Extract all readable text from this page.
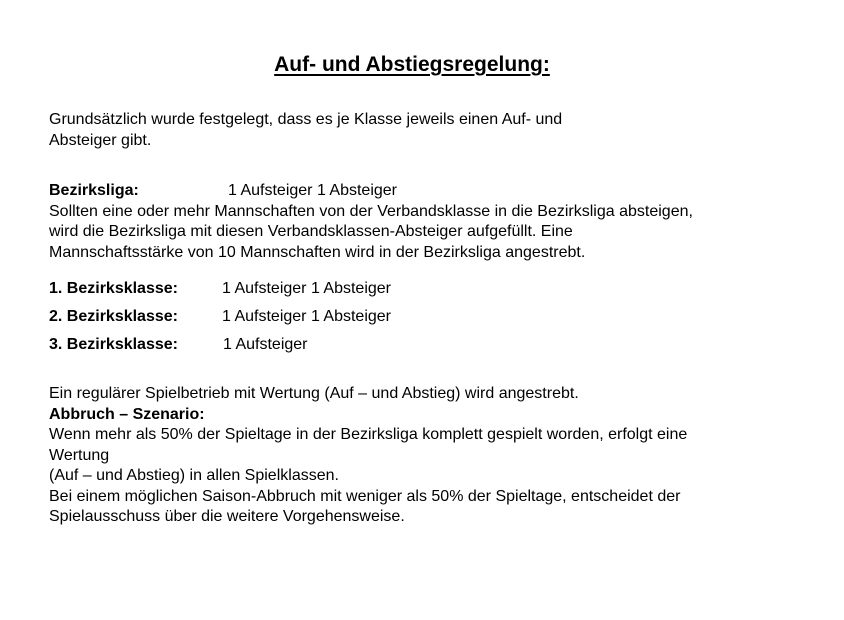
Auf- und Abstiegsregelung:
Grundsätzlich wurde festgelegt, dass es je Klasse jeweils einen Auf- und
Absteiger gibt.
Bezirksliga:	1 Aufsteiger 1 Absteiger
Sollten eine oder mehr Mannschaften von der Verbandsklasse in die Bezirksliga absteigen,
wird die Bezirksliga mit diesen Verbandsklassen-Absteiger aufgefüllt. Eine
Mannschaftsstärke von 10 Mannschaften wird in der Bezirksliga angestrebt.
1. Bezirksklasse:	1 Aufsteiger 1 Absteiger
2. Bezirksklasse:	1 Aufsteiger 1 Absteiger
3. Bezirksklasse:	1 Aufsteiger
Ein regulärer Spielbetrieb mit Wertung (Auf – und Abstieg) wird angestrebt.
Abbruch – Szenario:
Wenn mehr als 50% der Spieltage in der Bezirksliga komplett gespielt worden, erfolgt eine
Wertung
(Auf – und Abstieg) in allen Spielklassen.
Bei einem möglichen Saison-Abbruch mit weniger als 50% der Spieltage, entscheidet der
Spielausschuss über die weitere Vorgehensweise.
